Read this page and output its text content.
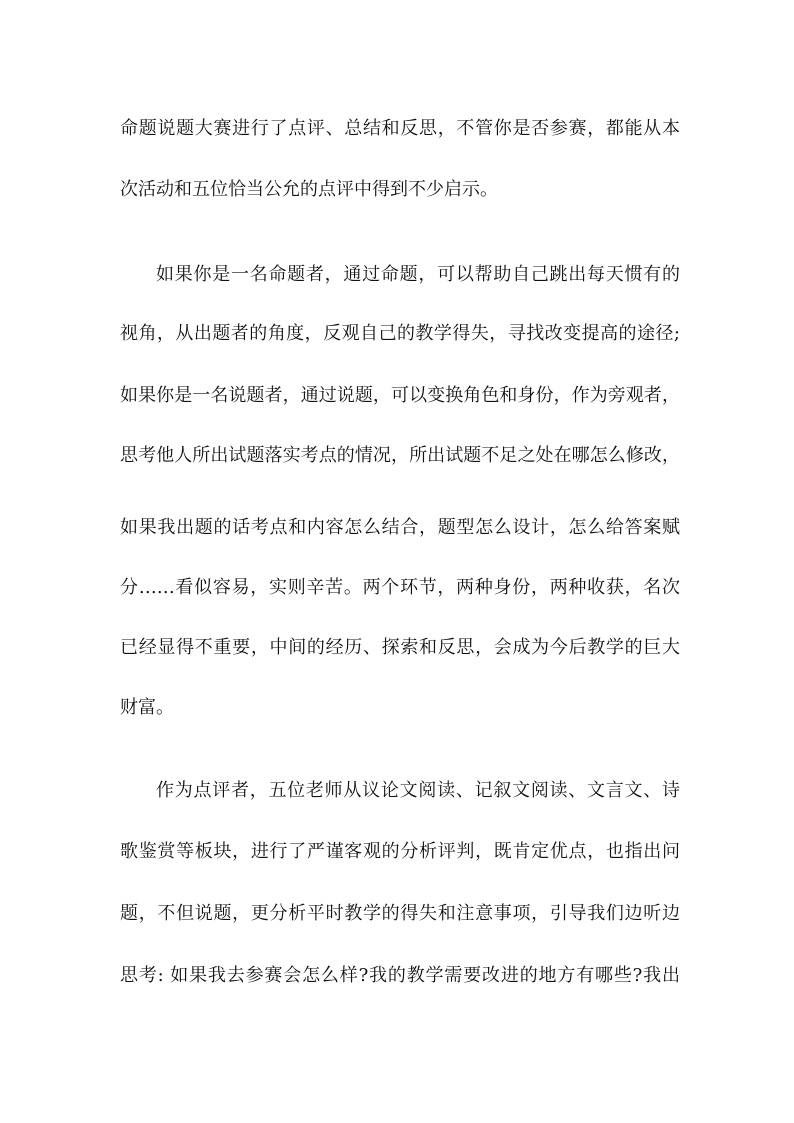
命题说题大赛进行了点评、总结和反思，不管你是否参赛，都能从本
次活动和五位恰当公允的点评中得到不少启示。
如果你是一名命题者，通过命题，可以帮助自己跳出每天惯有的
视角，从出题者的角度，反观自己的教学得失，寻找改变提高的途径;
如果你是一名说题者，通过说题，可以变换角色和身份，作为旁观者，
思考他人所出试题落实考点的情况，所出试题不足之处在哪怎么修改，
如果我出题的话考点和内容怎么结合，题型怎么设计，怎么给答案赋
分……看似容易，实则辛苦。两个环节，两种身份，两种收获，名次
已经显得不重要，中间的经历、探索和反思，会成为今后教学的巨大
财富。
作为点评者，五位老师从议论文阅读、记叙文阅读、文言文、诗
歌鉴赏等板块，进行了严谨客观的分析评判，既肯定优点，也指出问
题，不但说题，更分析平时教学的得失和注意事项，引导我们边听边
思考: 如果我去参赛会怎么样?我的教学需要改进的地方有哪些?我出
